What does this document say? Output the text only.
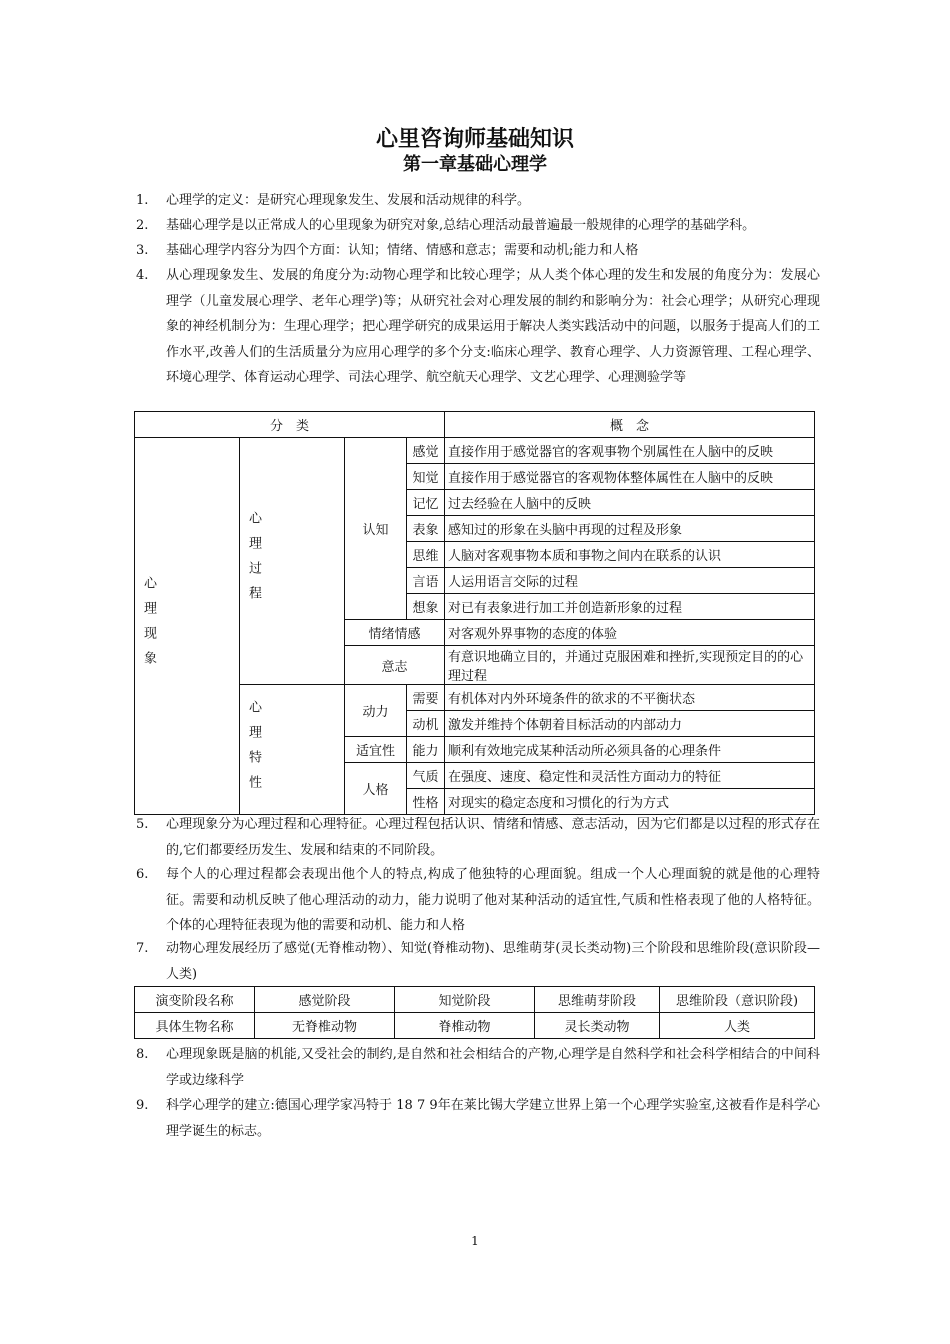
心里咨询师基础知识
第一章基础心理学
1.	心理学的定义：是研究心理现象发生、发展和活动规律的科学。
2.	基础心理学是以正常成人的心里现象为研究对象,总结心理活动最普遍最一般规律的心理学的基础学科。
3.	基础心理学内容分为四个方面：认知；情绪、情感和意志；需要和动机;能力和人格
4.	从心理现象发生、发展的角度分为:动物心理学和比较心理学；从人类个体心理的发生和发展的角度分为：发展心理学（儿童发展心理学、老年心理学)等；从研究社会对心理发展的制约和影响分为：社会心理学；从研究心理现象的神经机制分为：生理心理学；把心理学研究的成果运用于解决人类实践活动中的问题，以服务于提高人们的工作水平,改善人们的生活质量分为应用心理学的多个分支:临床心理学、教育心理学、人力资源管理、工程心理学、环境心理学、体育运动心理学、司法心理学、航空航天心理学、文艺心理学、心理测验学等
分　类				概　念

心理现象	心理过程	认知	感觉	直接作用于感觉器官的客观事物个别属性在人脑中的反映
			知觉	直接作用于感觉器官的客观物体整体属性在人脑中的反映
			记忆	过去经验在人脑中的反映
			表象	感知过的形象在头脑中再现的过程及形象
			思维	人脑对客观事物本质和事物之间内在联系的认识
			言语	人运用语言交际的过程
			想象	对已有表象进行加工并创造新形象的过程
		情绪情感		对客观外界事物的态度的体验
		意志		有意识地确立目的，并通过克服困难和挫折,实现预定目的的心理过程

	心理特性	动力	需要	有机体对内外环境条件的欲求的不平衡状态
			动机	激发并维持个体朝着目标活动的内部动力
		适宜性	能力	顺利有效地完成某种活动所必须具备的心理条件
		人格	气质	在强度、速度、稳定性和灵活性方面动力的特征
			性格	对现实的稳定态度和习惯化的行为方式
5.	心理现象分为心理过程和心理特征。心理过程包括认识、情绪和情感、意志活动，因为它们都是以过程的形式存在的,它们都要经历发生、发展和结束的不同阶段。
6.	每个人的心理过程都会表现出他个人的特点,构成了他独特的心理面貌。组成一个人心理面貌的就是他的心理特征。需要和动机反映了他心理活动的动力，能力说明了他对某种活动的适宜性,气质和性格表现了他的人格特征。个体的心理特征表现为他的需要和动机、能力和人格
7.	动物心理发展经历了感觉(无脊椎动物）、知觉(脊椎动物)、思维萌芽(灵长类动物)三个阶段和思维阶段(意识阶段—人类)
演变阶段名称	感觉阶段	知觉阶段	思维萌芽阶段	思维阶段（意识阶段)
具体生物名称	无脊椎动物	脊椎动物	灵长类动物	人类
8.	心理现象既是脑的机能,又受社会的制约,是自然和社会相结合的产物,心理学是自然科学和社会科学相结合的中间科学或边缘科学
9.	科学心理学的建立:德国心理学家冯特于 18 7 9年在莱比锡大学建立世界上第一个心理学实验室,这被看作是科学心理学诞生的标志。
1
